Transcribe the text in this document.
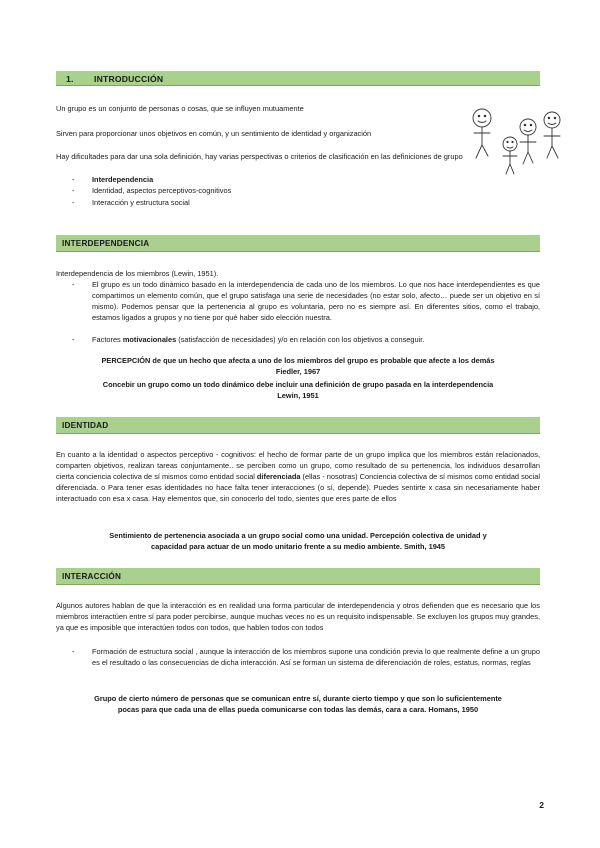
1. INTRODUCCIÓN
Un grupo es un conjunto de personas o cosas, que se influyen mutuamente
Sirven para proporcionar unos objetivos en común, y un sentimiento de identidad y organización
Hay dificultades para dar una sola definición, hay varias perspectivas o criterios de clasificación en las definiciones de grupo
-	Interdependencia
-	Identidad, aspectos perceptivos-cognitivos
-	Interacción y estructura social
INTERDEPENDENCIA
Interdependencia de los miembros (Lewin, 1951).
-	El grupo es un todo dinámico basado en la interdependencia de cada uno de los miembros. Lo que nos hace interdependientes es que compartimos un elemento común, que el grupo satisfaga una serie de necesidades (no estar solo, afecto… puede ser un objetivo en sí mismo). Podemos pensar que la pertenencia al grupo es voluntaria, pero no es siempre así. En diferentes sitios, como el trabajo, estamos ligados a grupos y no tiene por qué haber sido elección nuestra.
-	Factores motivacionales (satisfacción de necesidades) y/o en relación con los objetivos a conseguir.
PERCEPCIÓN de que un hecho que afecta a uno de los miembros del grupo es probable que afecte a los demás
Fiedler, 1967
Concebir un grupo como un todo dinámico debe incluir una definición de grupo pasada en la interdependencia
Lewin, 1951
IDENTIDAD
En cuanto a la identidad o aspectos perceptivo - cognitivos: el hecho de formar parte de un grupo implica que los miembros están relacionados, comparten objetivos, realizan tareas conjuntamente.. se perciben como un grupo, como resultado de su pertenencia, los individuos desarrollan cierta conciencia colectiva de sí mismos como entidad social diferenciada (ellas - nosotras) Conciencia colectiva de sí mismos como entidad social diferenciada. o Para tener esas identidades no hace falta tener interacciones (o sí, depende). Puedes sentirte x casa sin necesariamente haber interactuado con esa x casa. Hay elementos que, sin conocerlo del todo, sientes que eres parte de ellos
Sentimiento de pertenencia asociada a un grupo social como una unidad. Percepción colectiva de unidad y
capacidad para actuar de un modo unitario frente a su medio ambiente. Smith, 1945
INTERACCIÓN
Algunos autores hablan de que la interacción es en realidad una forma particular de interdependencia y otros defienden que es necesario que los miembros interactúen entre sí para poder percibirse, aunque muchas veces no es un requisito indispensable. Se excluyen los grupos muy grandes, ya que es imposible que interactúen todos con todos, que hablen todos con todos
-	Formación de estructura social , aunque la interacción de los miembros supone una condición previa lo que realmente define a un grupo es el resultado o las consecuencias de dicha interacción. Así se forman un sistema de diferenciación de roles, estatus, normas, reglas
Grupo de cierto número de personas que se comunican entre sí, durante cierto tiempo y que son lo suficientemente
pocas para que cada una de ellas pueda comunicarse con todas las demás, cara a cara. Homans, 1950
2
